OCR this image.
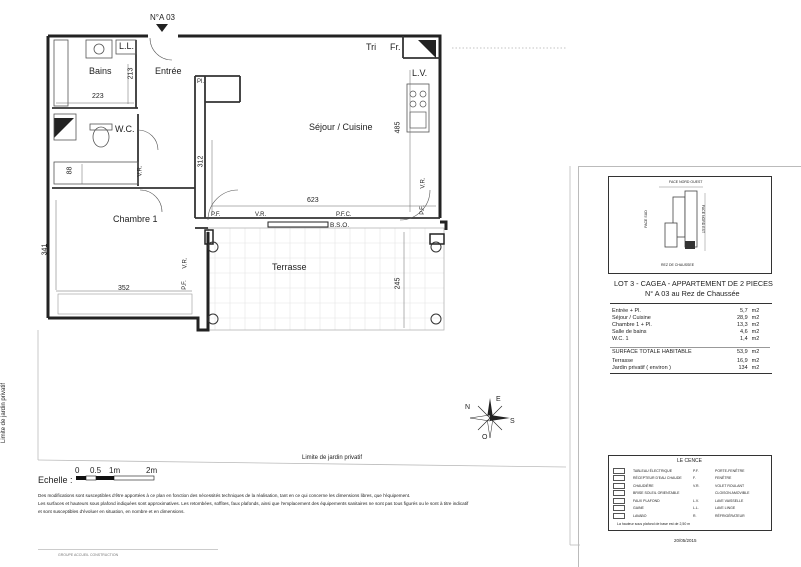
N°A 03
Bains
L.L.
Entrée
Séjour / Cuisine
Tri Fr.
L.V.
W.C.
Chambre 1
Terrasse
Pl.
213
223
485
312
88
623
341
352	245
P.F.	V.R.	P.F.C.
V.R.
V.R.
P.F.
P.F.
V.R.
B.S.O.
Limite de jardin privatif
Limite de jardin privatif
N
S
E
O
Echelle :
0 0.5 1m	2m
Des modifications sont susceptibles d'être apportées à ce plan en fonction des nécessités techniques de la réalisation, tant en ce qui concerne les dimensions libres, que l'équipement.
Les surfaces et hauteurs sous plafond indiquées sont approximatives. Les retombées, soffites, faux plafonds, ainsi que l'emplacement des équipements sanitaires ne sont pas tous figurés ou le sont à titre indicatif
et sont susceptibles d'évoluer en situation, en nombre et en dimensions.
GROUPE ACCUEIL CONSTRUCTION
FACE NORD OUEST
FACE NORD EST
FACE SUD
REZ DE CHAUSSEE
LOT 3 - CAGEA - APPARTEMENT DE 2 PIECES
N° A 03 au Rez de Chaussée
Entrée + Pl.	5,7	m2
Séjour / Cuisine	28,9	m2
Chambre 1 + Pl.	13,3	m2
Salle de bains	4,6	m2
W.C. 1	1,4	m2
SURFACE TOTALE HABITABLE	53,9	m2
Terrasse	16,9	m2
Jardin privatif ( environ )	134	m2
LE CENCE
TABLEAU ÉLECTRIQUE	P.F.	PORTE-FENÊTRE
RÉCEPTEUR D'EAU CHAUDE	F.	FENÊTRE
CHAUDIÈRE	V.R.	VOLET ROULANT
BRISE SOLEIL ORIENTABLE	CLOISON AMOVIBLE
FAUX PLAFOND	L.V.	LAVE VAISSELLE
GAINE	L.L.	LAVE LINGE
LAVABO	R.	RÉFRIGÉRATEUR
La hauteur sous plafond de base est de 2,50 m
20/05/2015
